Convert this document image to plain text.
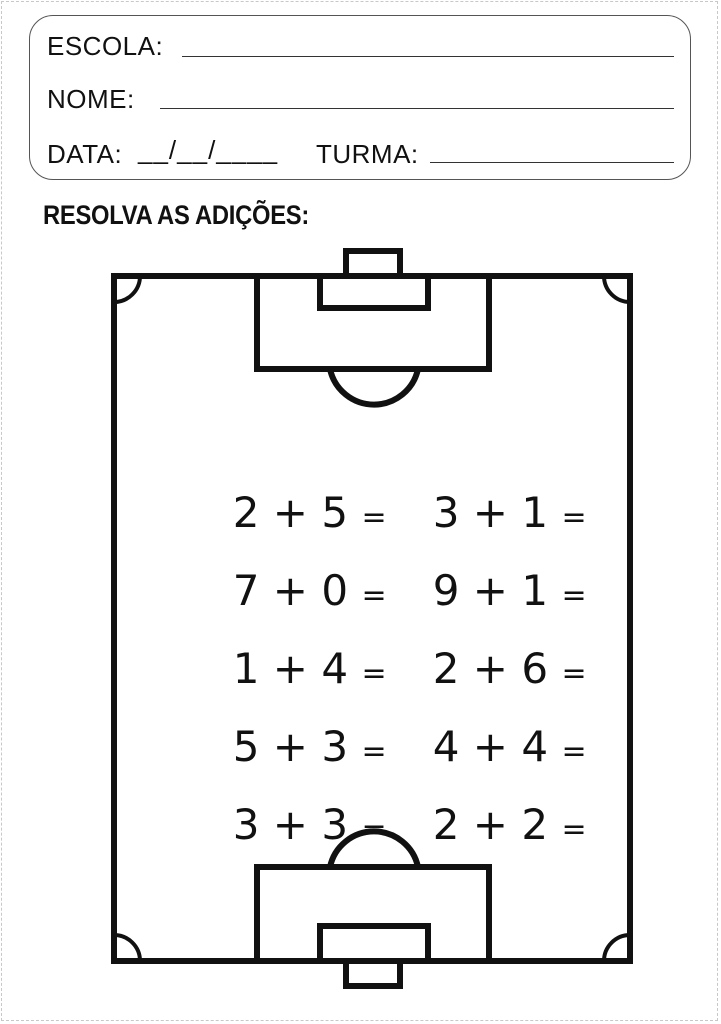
ESCOLA:
NOME:
DATA: __/__/____ TURMA:
RESOLVA AS ADIÇÕES:

2 + 5 =	3 + 1 =

7 + 0 =	9 + 1 =

1 + 4 =	2 + 6 =

5 + 3 =	4 + 4 =

3 + 3 =	2 + 2 =
